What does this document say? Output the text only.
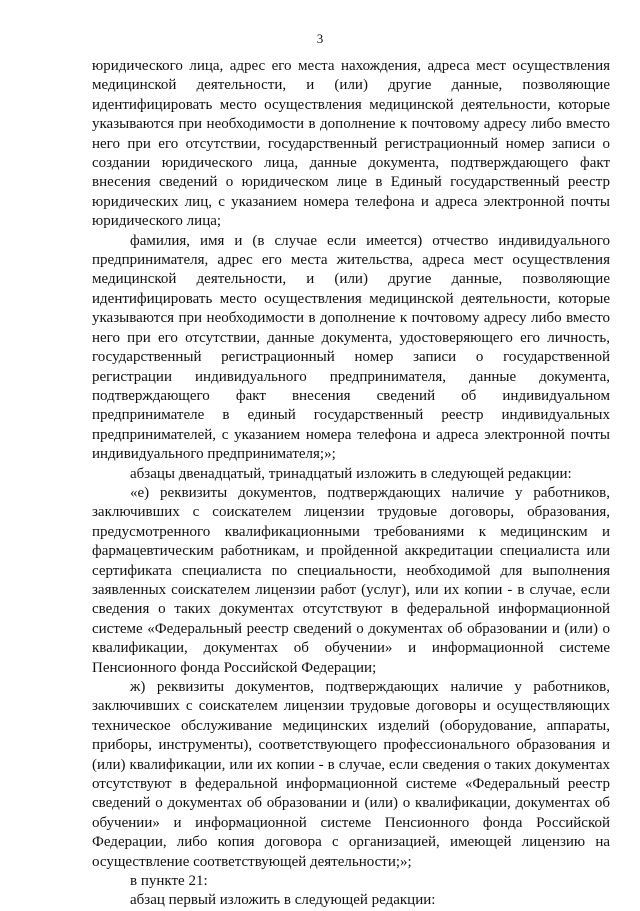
3

юридического лица, адрес его места нахождения, адреса мест осуществления медицинской деятельности, и (или) другие данные, позволяющие идентифицировать место осуществления медицинской деятельности, которые указываются при необходимости в дополнение к почтовому адресу либо вместо него при его отсутствии, государственный регистрационный номер записи о создании юридического лица, данные документа, подтверждающего факт внесения сведений о юридическом лице в Единый государственный реестр юридических лиц, с указанием номера телефона и адреса электронной почты юридического лица;

фамилия, имя и (в случае если имеется) отчество индивидуального предпринимателя, адрес его места жительства, адреса мест осуществления медицинской деятельности, и (или) другие данные, позволяющие идентифицировать место осуществления медицинской деятельности, которые указываются при необходимости в дополнение к почтовому адресу либо вместо него при его отсутствии, данные документа, удостоверяющего его личность, государственный регистрационный номер записи о государственной регистрации индивидуального предпринимателя, данные документа, подтверждающего факт внесения сведений об индивидуальном предпринимателе в единый государственный реестр индивидуальных предпринимателей, с указанием номера телефона и адреса электронной почты индивидуального предпринимателя;»;

абзацы двенадцатый, тринадцатый изложить в следующей редакции:

«е) реквизиты документов, подтверждающих наличие у работников, заключивших с соискателем лицензии трудовые договоры, образования, предусмотренного квалификационными требованиями к медицинским и фармацевтическим работникам, и пройденной аккредитации специалиста или сертификата специалиста по специальности, необходимой для выполнения заявленных соискателем лицензии работ (услуг), или их копии - в случае, если сведения о таких документах отсутствуют в федеральной информационной системе «Федеральный реестр сведений о документах об образовании и (или) о квалификации, документах об обучении» и информационной системе Пенсионного фонда Российской Федерации;

ж) реквизиты документов, подтверждающих наличие у работников, заключивших с соискателем лицензии трудовые договоры и осуществляющих техническое обслуживание медицинских изделий (оборудование, аппараты, приборы, инструменты), соответствующего профессионального образования и (или) квалификации, или их копии - в случае, если сведения о таких документах отсутствуют в федеральной информационной системе «Федеральный реестр сведений о документах об образовании и (или) о квалификации, документах об обучении» и информационной системе Пенсионного фонда Российской Федерации, либо копия договора с организацией, имеющей лицензию на осуществление соответствующей деятельности;»;

в пункте 21:

абзац первый изложить в следующей редакции:
